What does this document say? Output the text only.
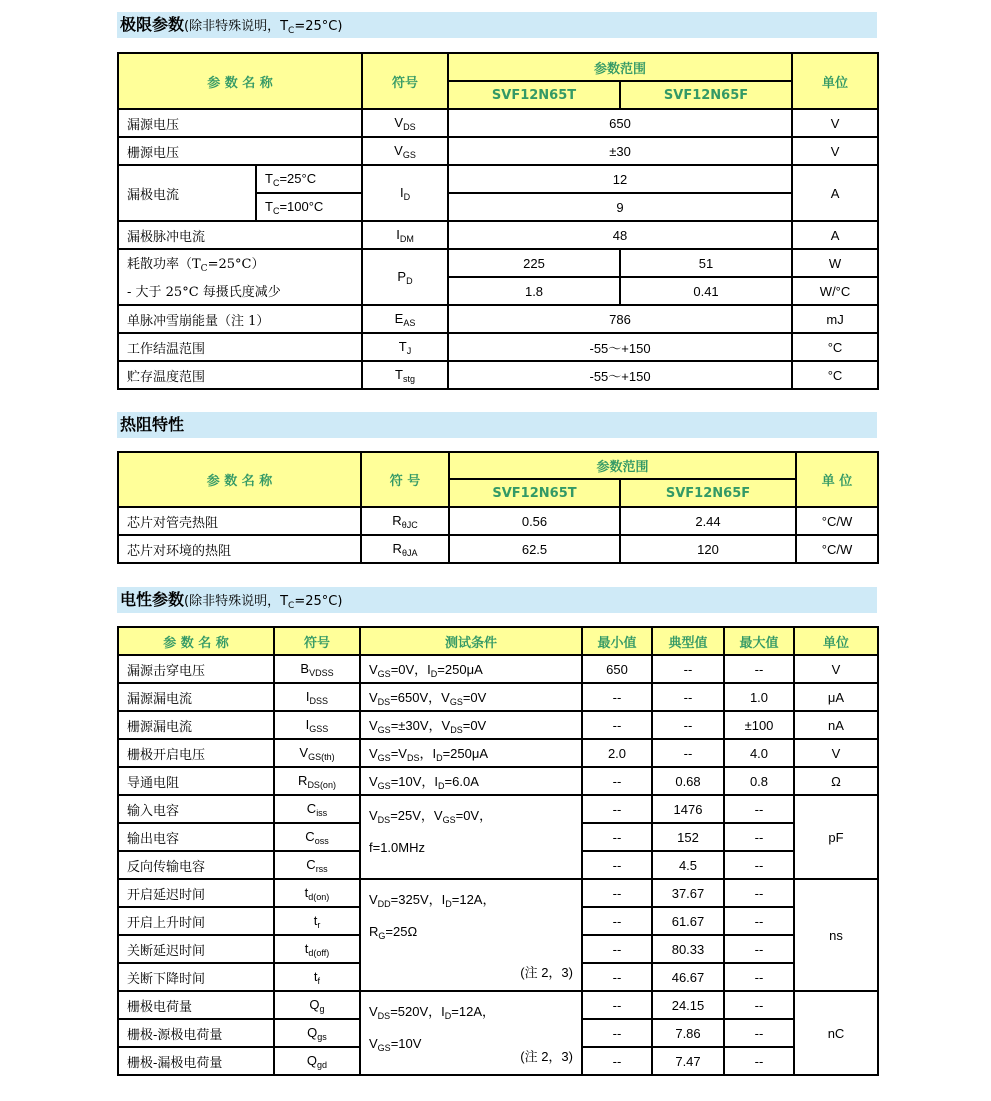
极限参数(除非特殊说明，$T_C=25^\circ C$)
参 数 名 称		符号	参数范围		单位
			SVF12N65T	SVF12N65F	
漏源电压		$V_{DS}$	650		V
栅源电压		$V_{GS}$	±30		V
漏极电流	$T_C=25^\circ C$	$I_D$	12		A
	$T_C=100^\circ C$		9		
漏极脉冲电流		$I_{DM}$	48		A
耗散功率$(T_C=25^\circ C)$		$P_D$	225	51	W
- 大于 25°C 每摄氏度减少			1.8	0.41	W/°C
单脉冲雪崩能量（注 1）		$E_{AS}$	786		mJ
工作结温范围		$T_J$	-55～+150		°C
贮存温度范围		$T_{stg}$	-55～+150		°C
热阻特性
参 数 名 称	符 号	参数范围		单 位
		SVF12N65T	SVF12N65F	
芯片对管壳热阻	$R_{\theta JC}$	0.56	2.44	°C/W
芯片对环境的热阻	$R_{\theta JA}$	62.5	120	°C/W
电性参数(除非特殊说明，$T_C=25^\circ C$)
参 数 名 称	符号	测试条件	最小值	典型值	最大值	单位
漏源击穿电压	$B_{VDSS}$	$V_{GS}=0V$，$I_D=250\mu A$	650	--	--	V
漏源漏电流	$I_{DSS}$	$V_{DS}=650V$，$V_{GS}=0V$	--	--	1.0	μA
栅源漏电流	$I_{GSS}$	$V_{GS}=\pm 30V$，$V_{DS}=0V$	--	--	±100	nA
栅极开启电压	$V_{GS(th)}$	$V_{GS}=V_{DS}$，$I_D=250\mu A$	2.0	--	4.0	V
导通电阻	$R_{DS(on)}$	$V_{GS}=10V$，$I_D=6.0A$	--	0.68	0.8	Ω
输入电容	$C_{iss}$	$V_{DS}=25V$，$V_{GS}=0V$，
f=1.0MHz	--	1476	--	pF
输出电容	$C_{oss}$		--	152	--	
反向传输电容	$C_{rss}$		--	4.5	--	
开启延迟时间	$t_{d(on)}$	$V_{DD}=325V$，$I_D=12A$，
$R_G=25\Omega$
(注 2，3)	--	37.67	--	ns
开启上升时间	$t_r$		--	61.67	--	
关断延迟时间	$t_{d(off)}$		--	80.33	--	
关断下降时间	$t_f$		--	46.67	--	
栅极电荷量	$Q_g$	$V_{DS}=520V$，$I_D=12A$，
$V_{GS}=10V$
(注 2，3)	--	24.15	--	nC
栅极-源极电荷量	$Q_{gs}$		--	7.86	--	
栅极-漏极电荷量	$Q_{gd}$		--	7.47	--	
